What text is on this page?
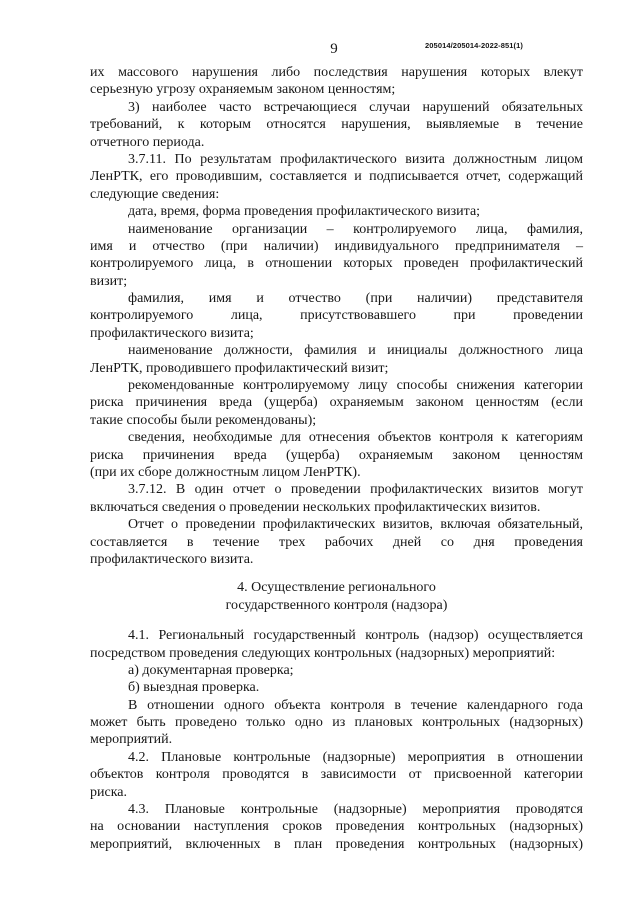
9	205014/205014-2022-851(1)
их массового нарушения либо последствия нарушения которых влекут
серьезную угрозу охраняемым законом ценностям;
3) наиболее часто встречающиеся случаи нарушений обязательных
требований, к которым относятся нарушения, выявляемые в течение
отчетного периода.
3.7.11. По результатам профилактического визита должностным лицом
ЛенРТК, его проводившим, составляется и подписывается отчет, содержащий
следующие сведения:
дата, время, форма проведения профилактического визита;
наименование организации – контролируемого лица, фамилия,
имя и отчество (при наличии) индивидуального предпринимателя –
контролируемого лица, в отношении которых проведен профилактический
визит;
фамилия, имя и отчество (при наличии) представителя
контролируемого лица, присутствовавшего при проведении
профилактического визита;
наименование должности, фамилия и инициалы должностного лица
ЛенРТК, проводившего профилактический визит;
рекомендованные контролируемому лицу способы снижения категории
риска причинения вреда (ущерба) охраняемым законом ценностям (если
такие способы были рекомендованы);
сведения, необходимые для отнесения объектов контроля к категориям
риска причинения вреда (ущерба) охраняемым законом ценностям
(при их сборе должностным лицом ЛенРТК).
3.7.12. В один отчет о проведении профилактических визитов могут
включаться сведения о проведении нескольких профилактических визитов.
Отчет о проведении профилактических визитов, включая обязательный,
составляется в течение трех рабочих дней со дня проведения
профилактического визита.
4. Осуществление регионального
государственного контроля (надзора)
4.1. Региональный государственный контроль (надзор) осуществляется
посредством проведения следующих контрольных (надзорных) мероприятий:
а) документарная проверка;
б) выездная проверка.
В отношении одного объекта контроля в течение календарного года
может быть проведено только одно из плановых контрольных (надзорных)
мероприятий.
4.2. Плановые контрольные (надзорные) мероприятия в отношении
объектов контроля проводятся в зависимости от присвоенной категории
риска.
4.3. Плановые контрольные (надзорные) мероприятия проводятся
на основании наступления сроков проведения контрольных (надзорных)
мероприятий, включенных в план проведения контрольных (надзорных)
